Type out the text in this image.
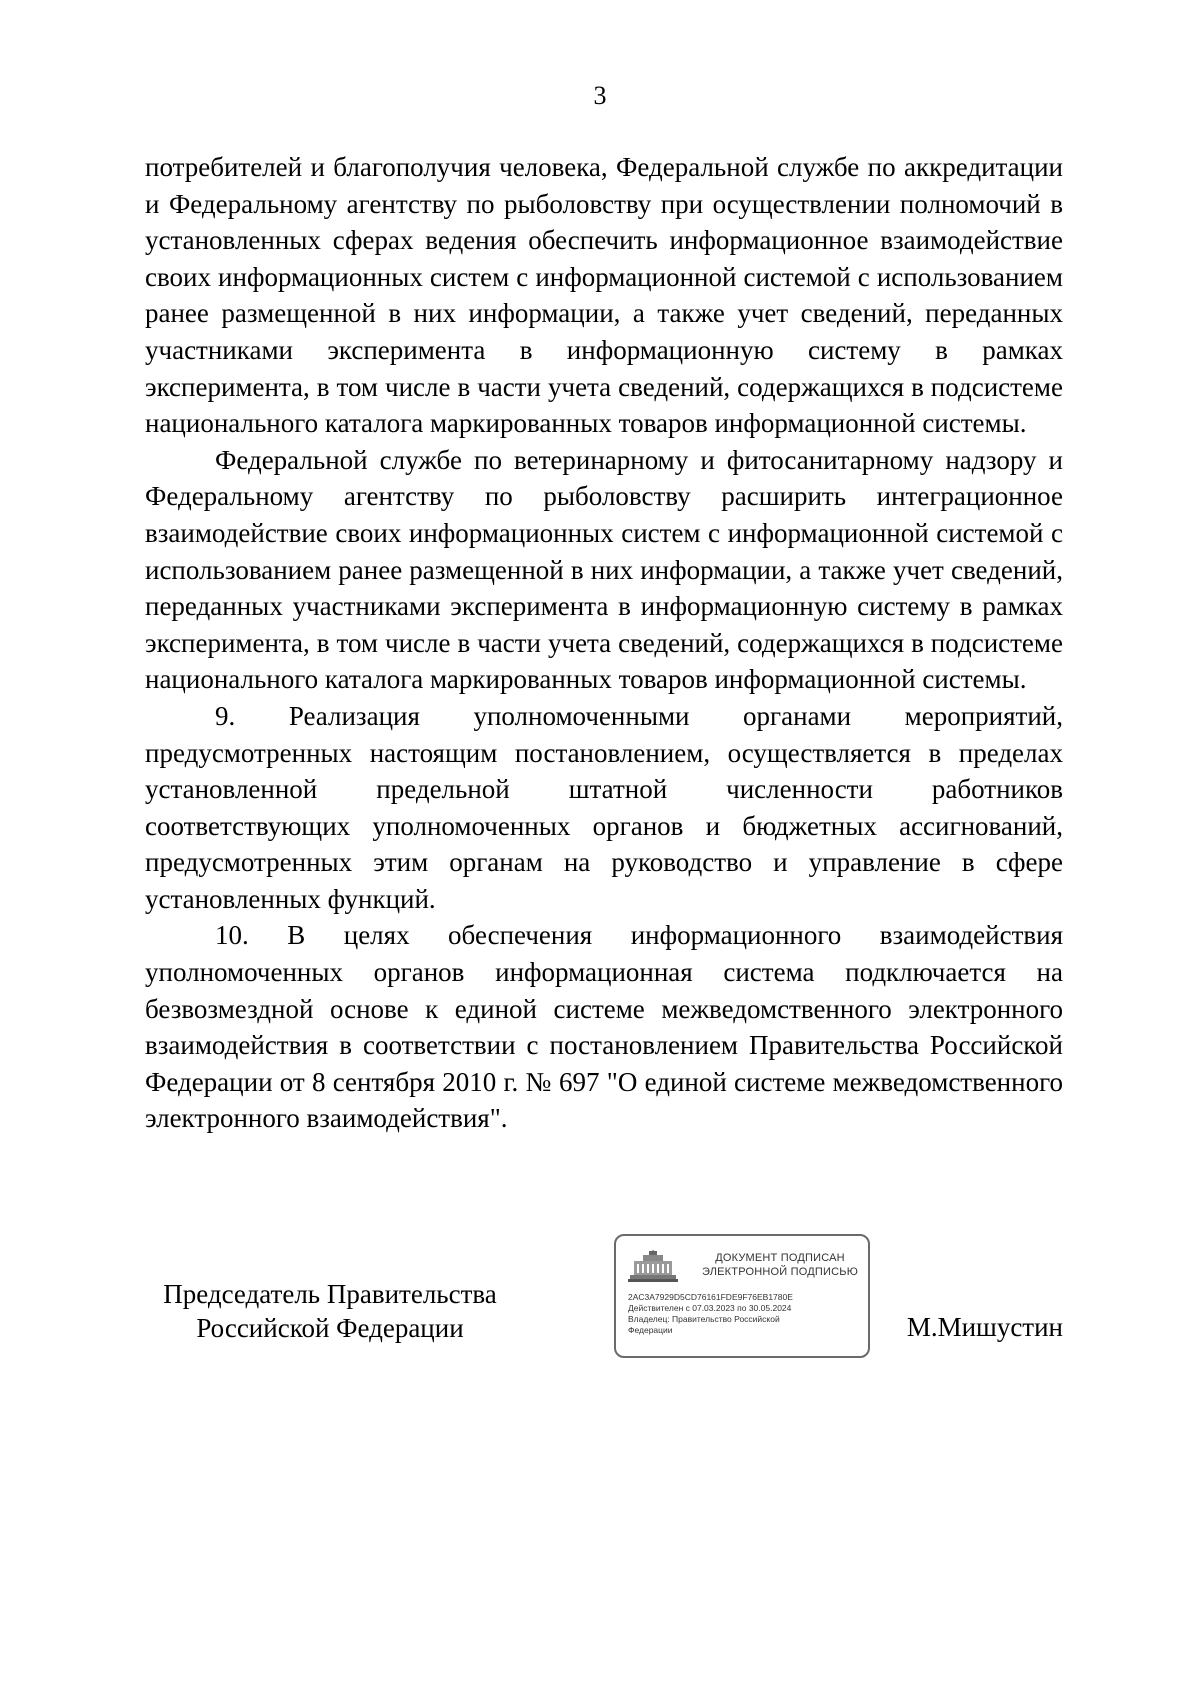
3

потребителей и благополучия человека, Федеральной службе по аккредитации и Федеральному агентству по рыболовству при осуществлении полномочий в установленных сферах ведения обеспечить информационное взаимодействие своих информационных систем с информационной системой с использованием ранее размещенной в них информации, а также учет сведений, переданных участниками эксперимента в информационную систему в рамках эксперимента, в том числе в части учета сведений, содержащихся в подсистеме национального каталога маркированных товаров информационной системы.

Федеральной службе по ветеринарному и фитосанитарному надзору и Федеральному агентству по рыболовству расширить интеграционное взаимодействие своих информационных систем с информационной системой с использованием ранее размещенной в них информации, а также учет сведений, переданных участниками эксперимента в информационную систему в рамках эксперимента, в том числе в части учета сведений, содержащихся в подсистеме национального каталога маркированных товаров информационной системы.

9. Реализация уполномоченными органами мероприятий, предусмотренных настоящим постановлением, осуществляется в пределах установленной предельной штатной численности работников соответствующих уполномоченных органов и бюджетных ассигнований, предусмотренных этим органам на руководство и управление в сфере установленных функций.

10. В целях обеспечения информационного взаимодействия уполномоченных органов информационная система подключается на безвозмездной основе к единой системе межведомственного электронного взаимодействия в соответствии с постановлением Правительства Российской Федерации от 8 сентября 2010 г. № 697 "О единой системе межведомственного электронного взаимодействия".

Председатель Правительства
Российской Федерации
ДОКУМЕНТ ПОДПИСАН
ЭЛЕКТРОННОЙ ПОДПИСЬЮ
2AC3A7929D5CD76161FDE9F76EB1780E
Действителен с 07.03.2023 по 30.05.2024
Владелец: Правительство Российской
Федерации	М.Мишустин
